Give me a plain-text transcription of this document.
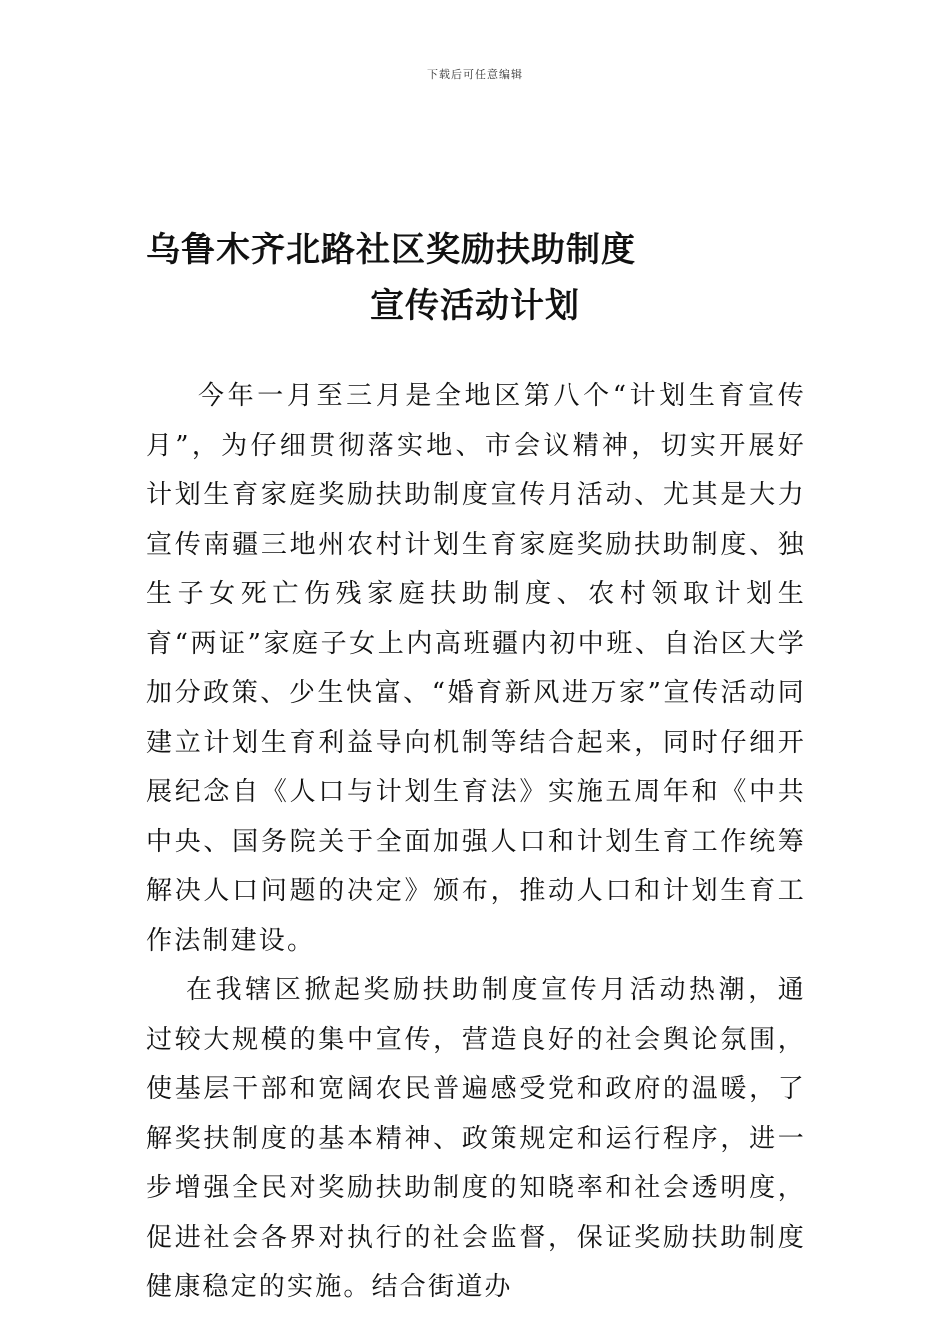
下载后可任意编辑
乌鲁木齐北路社区奖励扶助制度
宣传活动计划

今年一月至三月是全地区第八个“计划生育宣传月”，为仔细贯彻落实地、市会议精神，切实开展好计划生育家庭奖励扶助制度宣传月活动、尤其是大力宣传南疆三地州农村计划生育家庭奖励扶助制度、独生子女死亡伤残家庭扶助制度、农村领取计划生育“两证”家庭子女上内高班疆内初中班、自治区大学加分政策、少生快富、“婚育新风进万家”宣传活动同建立计划生育利益导向机制等结合起来，同时仔细开展纪念自《人口与计划生育法》实施五周年和《中共中央、国务院关于全面加强人口和计划生育工作统筹解决人口问题的决定》颁布，推动人口和计划生育工作法制建设。

在我辖区掀起奖励扶助制度宣传月活动热潮，通过较大规模的集中宣传，营造良好的社会舆论氛围，使基层干部和宽阔农民普遍感受党和政府的温暖，了解奖扶制度的基本精神、政策规定和运行程序，进一步增强全民对奖励扶助制度的知晓率和社会透明度，促进社会各界对执行的社会监督，保证奖励扶助制度健康稳定的实施。结合街道办
